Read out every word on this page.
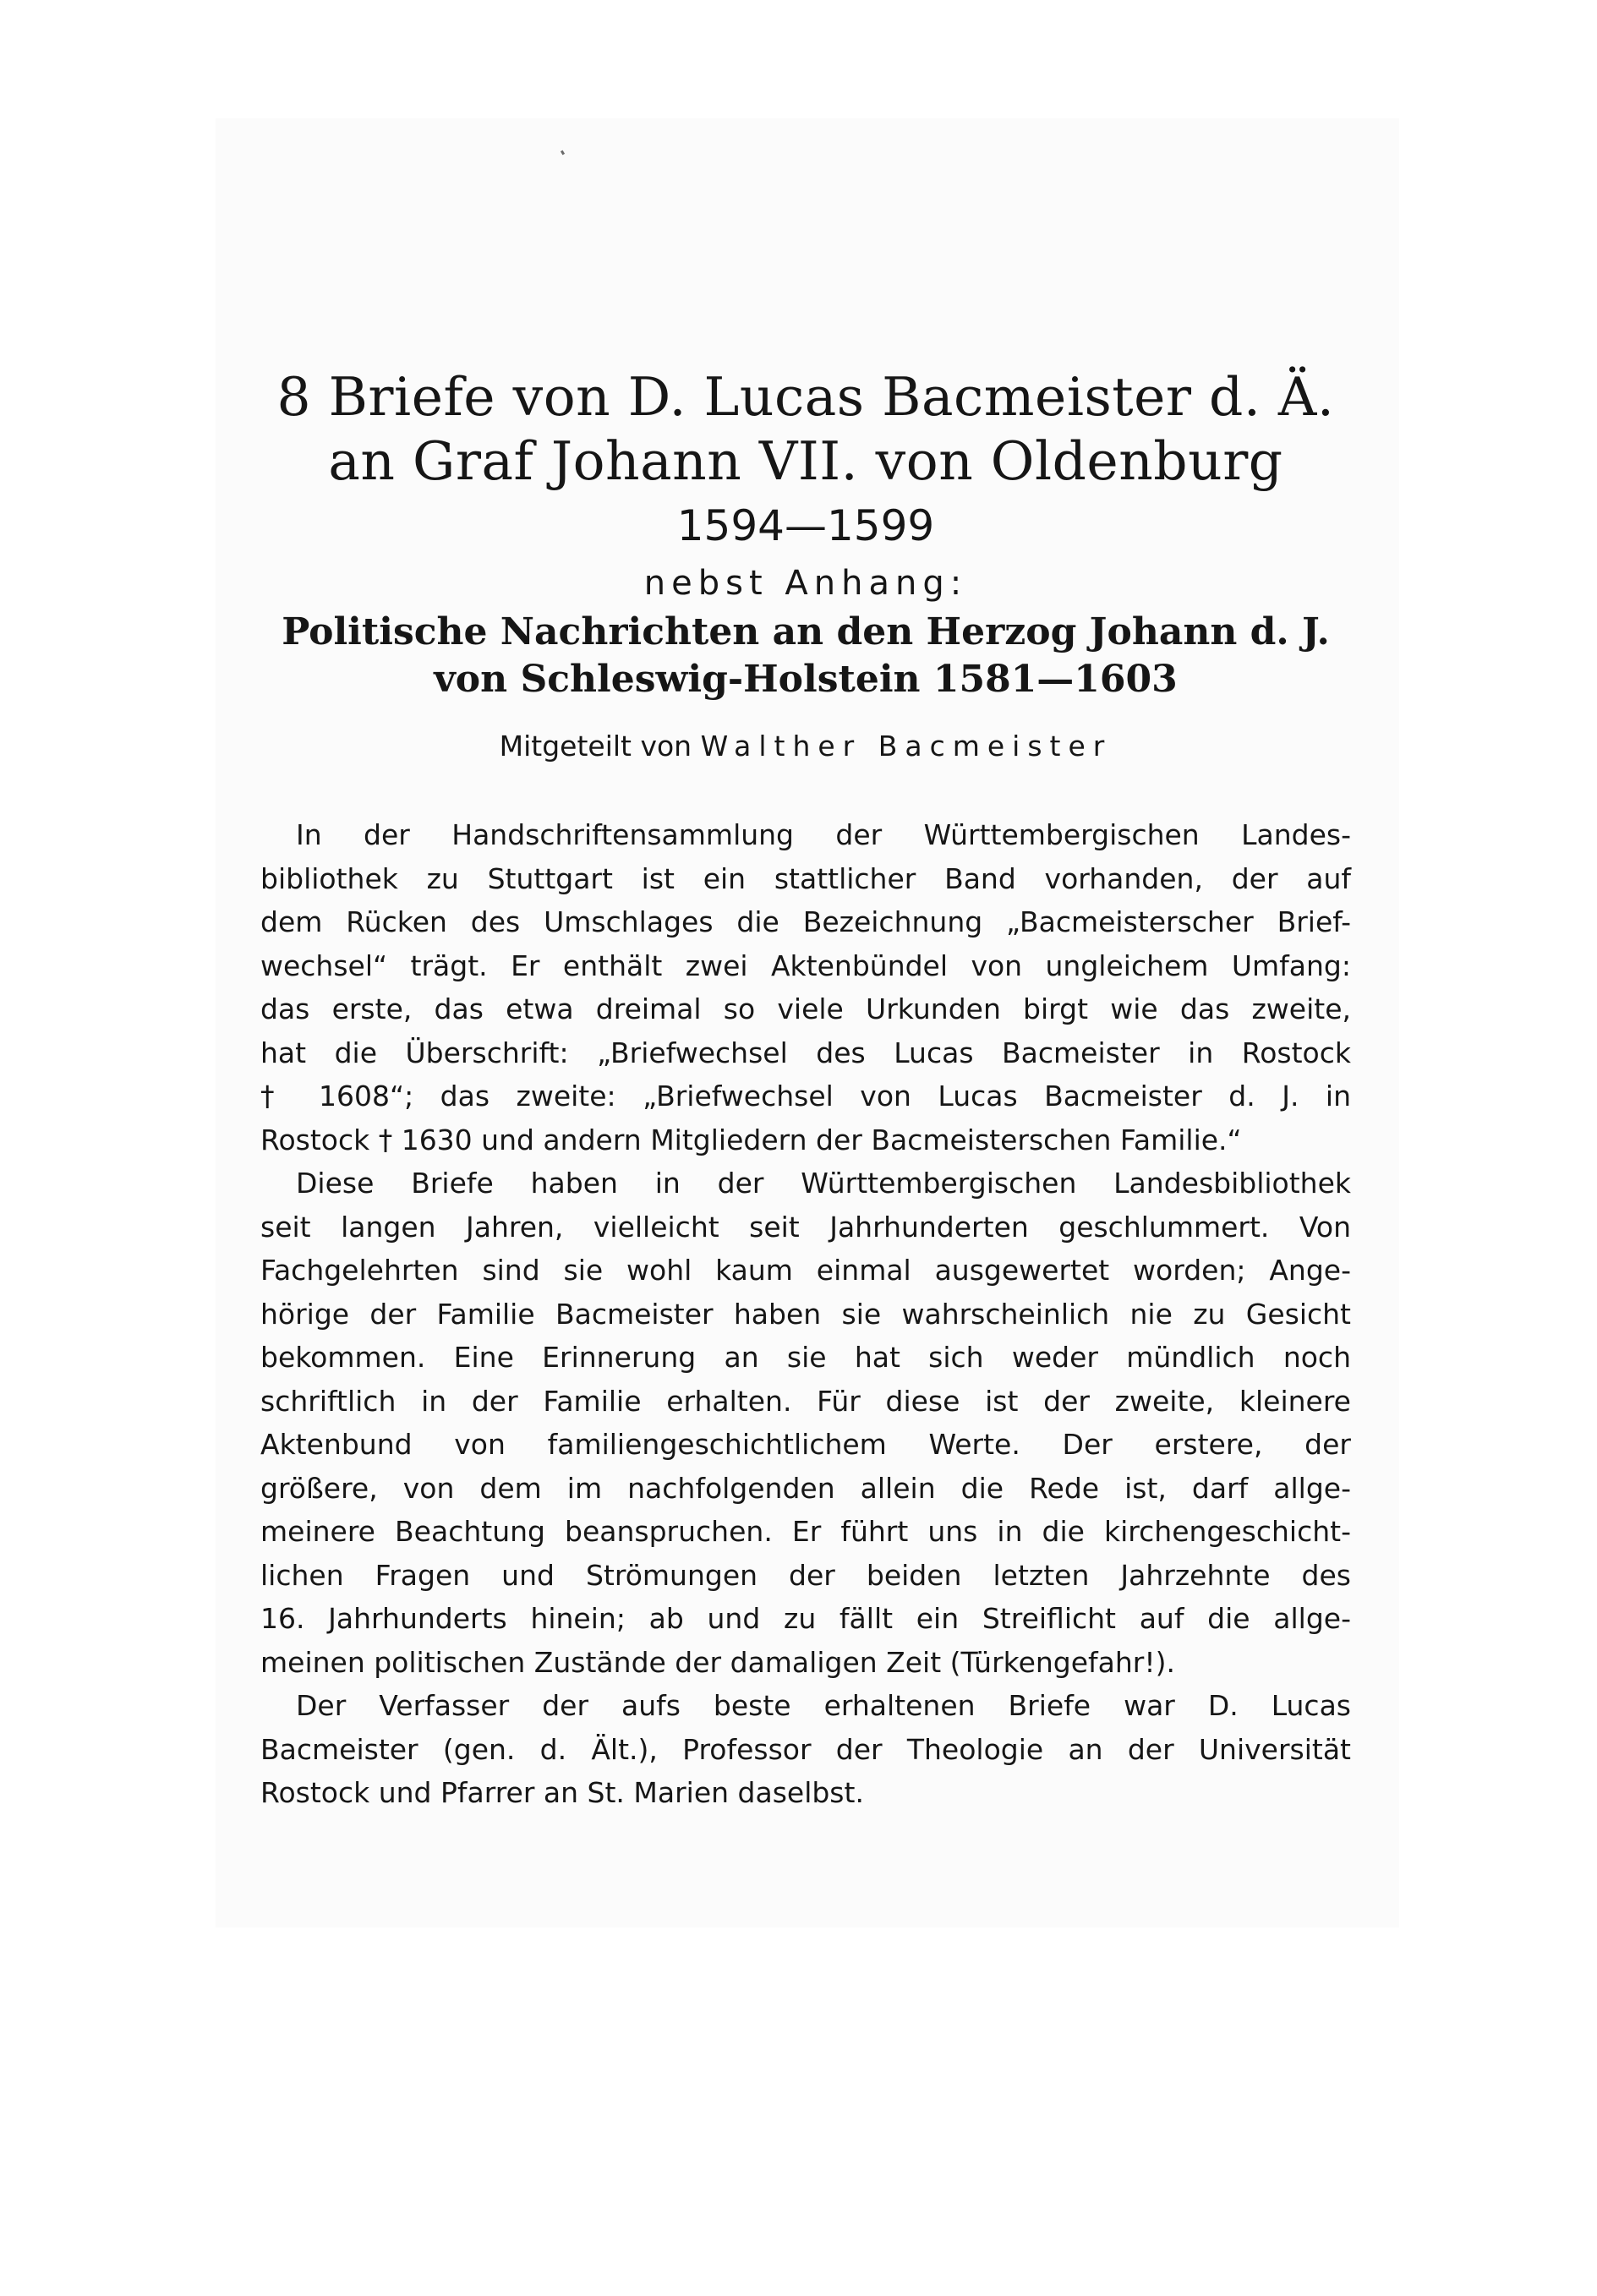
8 Briefe von D. Lucas Bacmeister d. Ä.
an Graf Johann VII. von Oldenburg
1594—1599
nebst Anhang:
Politische Nachrichten an den Herzog Johann d. J.
von Schleswig-Holstein 1581—1603
Mitgeteilt von Walther Bacmeister

In der Handschriftensammlung der Württembergischen Landes-
bibliothek zu Stuttgart ist ein stattlicher Band vorhanden, der auf
dem Rücken des Umschlages die Bezeichnung „Bacmeisterscher Brief-
wechsel“ trägt. Er enthält zwei Aktenbündel von ungleichem Umfang:
das erste, das etwa dreimal so viele Urkunden birgt wie das zweite,
hat die Überschrift: „Briefwechsel des Lucas Bacmeister in Rostock
† 1608“; das zweite: „Briefwechsel von Lucas Bacmeister d. J. in
Rostock † 1630 und andern Mitgliedern der Bacmeisterschen Familie.“

Diese Briefe haben in der Württembergischen Landesbibliothek
seit langen Jahren, vielleicht seit Jahrhunderten geschlummert. Von
Fachgelehrten sind sie wohl kaum einmal ausgewertet worden; Ange-
hörige der Familie Bacmeister haben sie wahrscheinlich nie zu Gesicht
bekommen. Eine Erinnerung an sie hat sich weder mündlich noch
schriftlich in der Familie erhalten. Für diese ist der zweite, kleinere
Aktenbund von familiengeschichtlichem Werte. Der erstere, der
größere, von dem im nachfolgenden allein die Rede ist, darf allge-
meinere Beachtung beanspruchen. Er führt uns in die kirchengeschicht-
lichen Fragen und Strömungen der beiden letzten Jahrzehnte des
16. Jahrhunderts hinein; ab und zu fällt ein Streiflicht auf die allge-
meinen politischen Zustände der damaligen Zeit (Türkengefahr!).

Der Verfasser der aufs beste erhaltenen Briefe war D. Lucas
Bacmeister (gen. d. Ält.), Professor der Theologie an der Universität
Rostock und Pfarrer an St. Marien daselbst.
